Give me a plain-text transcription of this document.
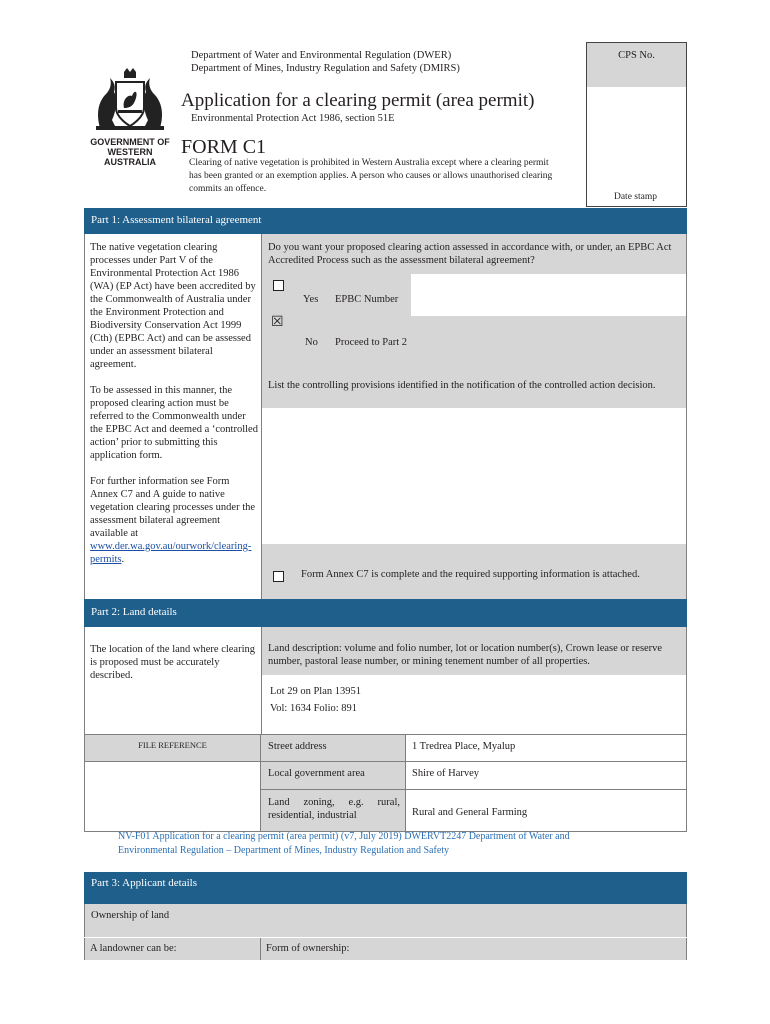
GOVERNMENT OF
WESTERN AUSTRALIA
Department of Water and Environmental Regulation (DWER)
Department of Mines, Industry Regulation and Safety (DMIRS)
Application for a clearing permit (area permit)
Environmental Protection Act 1986, section 51E
FORM C1
Clearing of native vegetation is prohibited in Western Australia except where a clearing permit has been granted or an exemption applies. A person who causes or allows unauthorised clearing commits an offence.
CPS No.
Date stamp
Part 1: Assessment bilateral agreement
The native vegetation clearing processes under Part V of the Environmental Protection Act 1986 (WA) (EP Act) have been accredited by the Commonwealth of Australia under the Environment Protection and Biodiversity Conservation Act 1999 (Cth) (EPBC Act) and can be assessed under an assessment bilateral agreement.
To be assessed in this manner, the proposed clearing action must be referred to the Commonwealth under the EPBC Act and deemed a ‘controlled action’ prior to submitting this application form.
For further information see Form Annex C7 and A guide to native vegetation clearing processes under the assessment bilateral agreement available at
www.der.wa.gov.au/ourwork/clearing-permits.
Do you want your proposed clearing action assessed in accordance with, or under, an EPBC Act Accredited Process such as the assessment bilateral agreement?
Yes EPBC Number
☒
No Proceed to Part 2
List the controlling provisions identified in the notification of the controlled action decision.
Form Annex C7 is complete and the required supporting information is attached.
Part 2: Land details
The location of the land where clearing is proposed must be accurately described.
Land description: volume and folio number, lot or location number(s), Crown lease or reserve number, pastoral lease number, or mining tenement number of all properties.
Lot 29 on Plan 13951
Vol: 1634 Folio: 891
FILE REFERENCE	Street address
Local government area
Land zoning, e.g. rural, residential, industrial
1 Tredrea Place, Myalup
Shire of Harvey
Rural and General Farming
NV-F01 Application for a clearing permit (area permit) (v7, July 2019) DWERVT2247 Department of Water and
Environmental Regulation – Department of Mines, Industry Regulation and Safety
Part 3: Applicant details
Ownership of land
A landowner can be:	Form of ownership:
